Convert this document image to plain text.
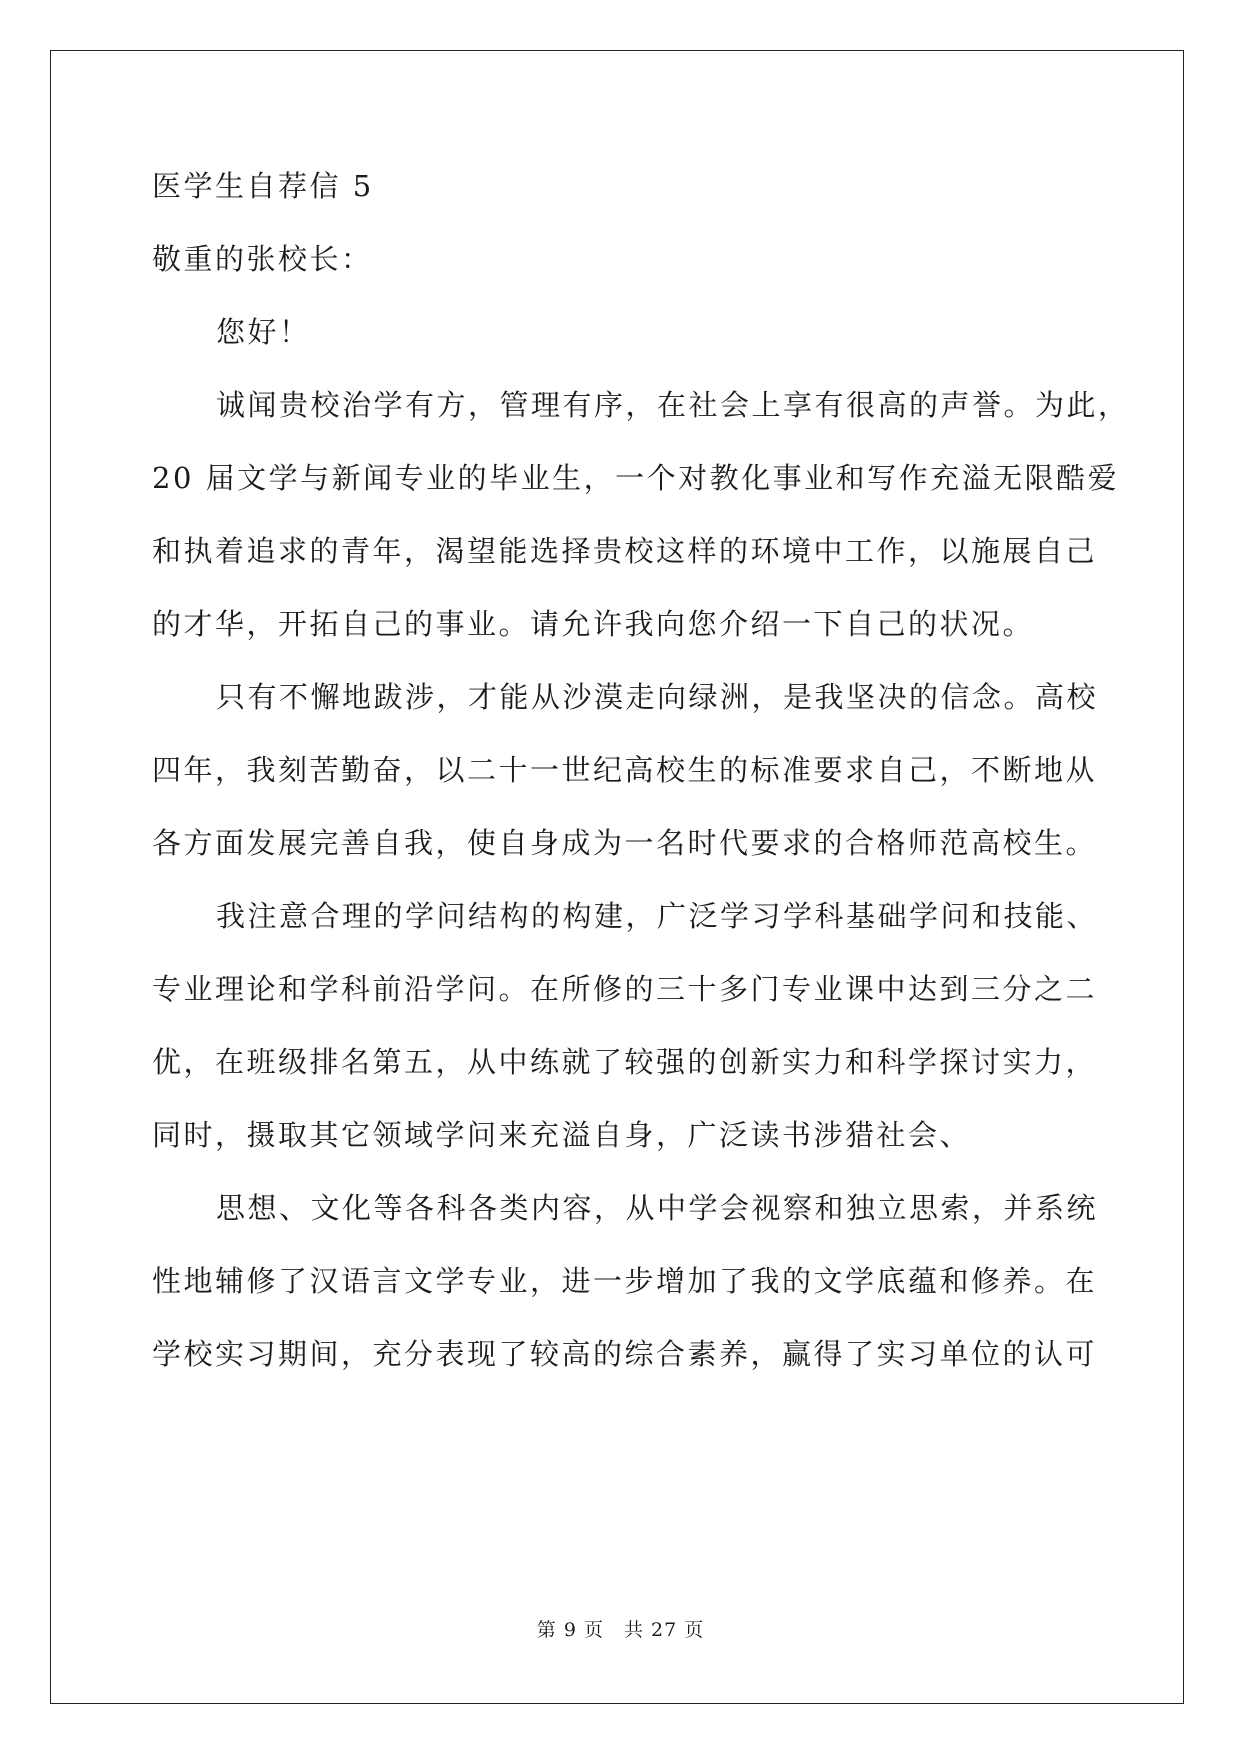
医学生自荐信 5
敬重的张校长：
您好！
诚闻贵校治学有方，管理有序，在社会上享有很高的声誉。为此，
20 届文学与新闻专业的毕业生，一个对教化事业和写作充溢无限酷爱
和执着追求的青年，渴望能选择贵校这样的环境中工作，以施展自己
的才华，开拓自己的事业。请允许我向您介绍一下自己的状况。
只有不懈地跋涉，才能从沙漠走向绿洲，是我坚决的信念。高校
四年，我刻苦勤奋，以二十一世纪高校生的标准要求自己，不断地从
各方面发展完善自我，使自身成为一名时代要求的合格师范高校生。
我注意合理的学问结构的构建，广泛学习学科基础学问和技能、
专业理论和学科前沿学问。在所修的三十多门专业课中达到三分之二
优，在班级排名第五，从中练就了较强的创新实力和科学探讨实力，
同时，摄取其它领域学问来充溢自身，广泛读书涉猎社会、
思想、文化等各科各类内容，从中学会视察和独立思索，并系统
性地辅修了汉语言文学专业，进一步增加了我的文学底蕴和修养。在
学校实习期间，充分表现了较高的综合素养，赢得了实习单位的认可
第 9 页　共 27 页
